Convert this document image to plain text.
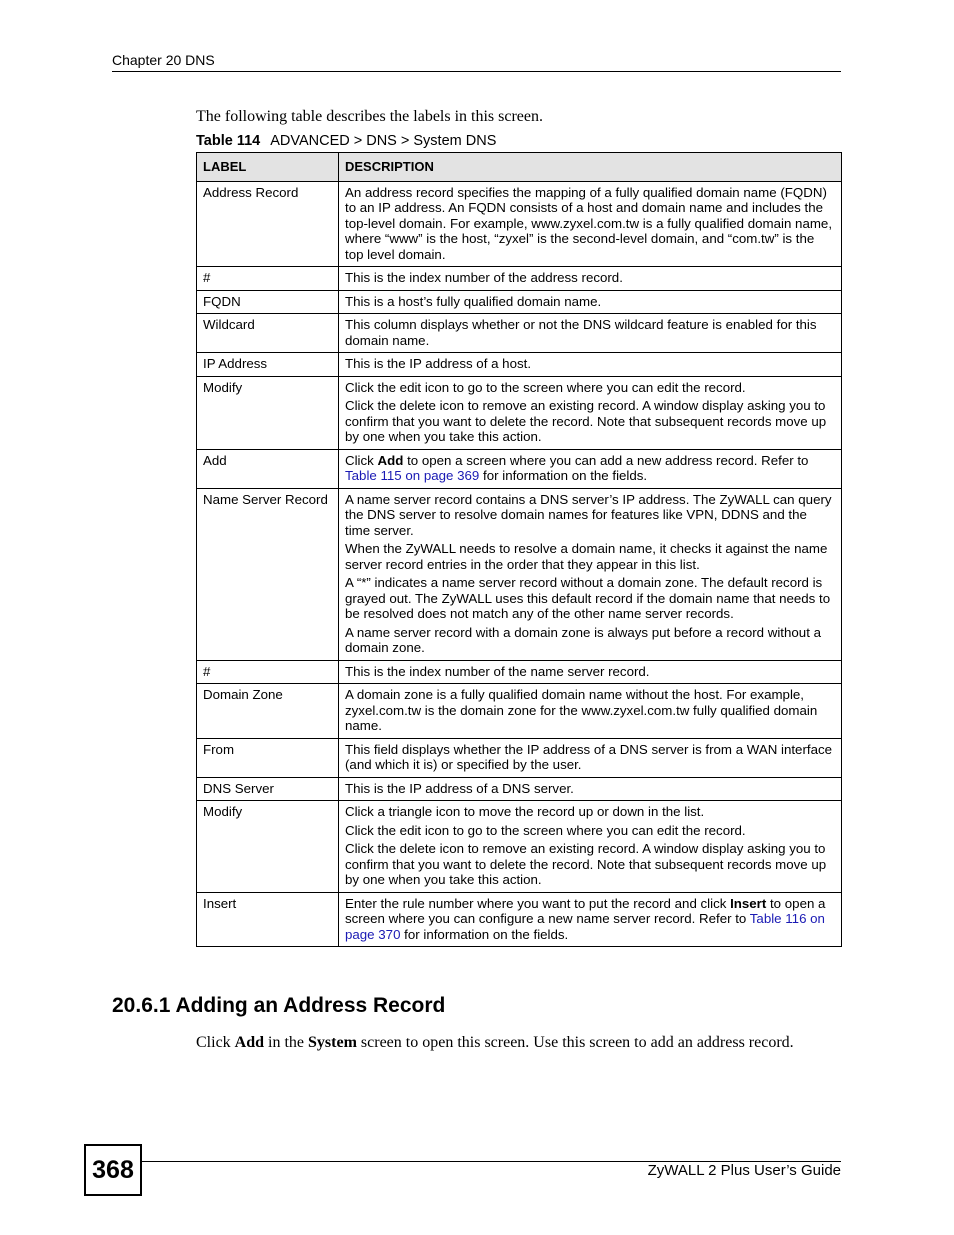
Chapter 20 DNS
The following table describes the labels in this screen.
Table 114 ADVANCED > DNS > System DNS
LABEL	DESCRIPTION
Address Record	An address record specifies the mapping of a fully qualified domain name (FQDN) to an IP address. An FQDN consists of a host and domain name and includes the top-level domain. For example, www.zyxel.com.tw is a fully qualified domain name, where “www” is the host, “zyxel” is the second-level domain, and “com.tw” is the top level domain.

#	This is the index number of the address record.

FQDN	This is a host’s fully qualified domain name.

Wildcard	This column displays whether or not the DNS wildcard feature is enabled for this domain name.

IP Address	This is the IP address of a host.

Modify	Click the edit icon to go to the screen where you can edit the record.

Click the delete icon to remove an existing record. A window display asking you to confirm that you want to delete the record. Note that subsequent records move up by one when you take this action.

Add	Click Add to open a screen where you can add a new address record. Refer to Table 115 on page 369 for information on the fields.

Name Server Record	A name server record contains a DNS server’s IP address. The ZyWALL can query the DNS server to resolve domain names for features like VPN, DDNS and the time server.

When the ZyWALL needs to resolve a domain name, it checks it against the name server record entries in the order that they appear in this list.

A “*” indicates a name server record without a domain zone. The default record is grayed out. The ZyWALL uses this default record if the domain name that needs to be resolved does not match any of the other name server records.

A name server record with a domain zone is always put before a record without a domain zone.

#	This is the index number of the name server record.

Domain Zone	A domain zone is a fully qualified domain name without the host. For example, zyxel.com.tw is the domain zone for the www.zyxel.com.tw fully qualified domain name.

From	This field displays whether the IP address of a DNS server is from a WAN interface (and which it is) or specified by the user.

DNS Server	This is the IP address of a DNS server.

Modify	Click a triangle icon to move the record up or down in the list.

Click the edit icon to go to the screen where you can edit the record.

Click the delete icon to remove an existing record. A window display asking you to confirm that you want to delete the record. Note that subsequent records move up by one when you take this action.

Insert	Enter the rule number where you want to put the record and click Insert to open a screen where you can configure a new name server record. Refer to Table 116 on page 370 for information on the fields.

20.6.1 Adding an Address Record
Click Add in the System screen to open this screen. Use this screen to add an address record.
368	ZyWALL 2 Plus User’s Guide
